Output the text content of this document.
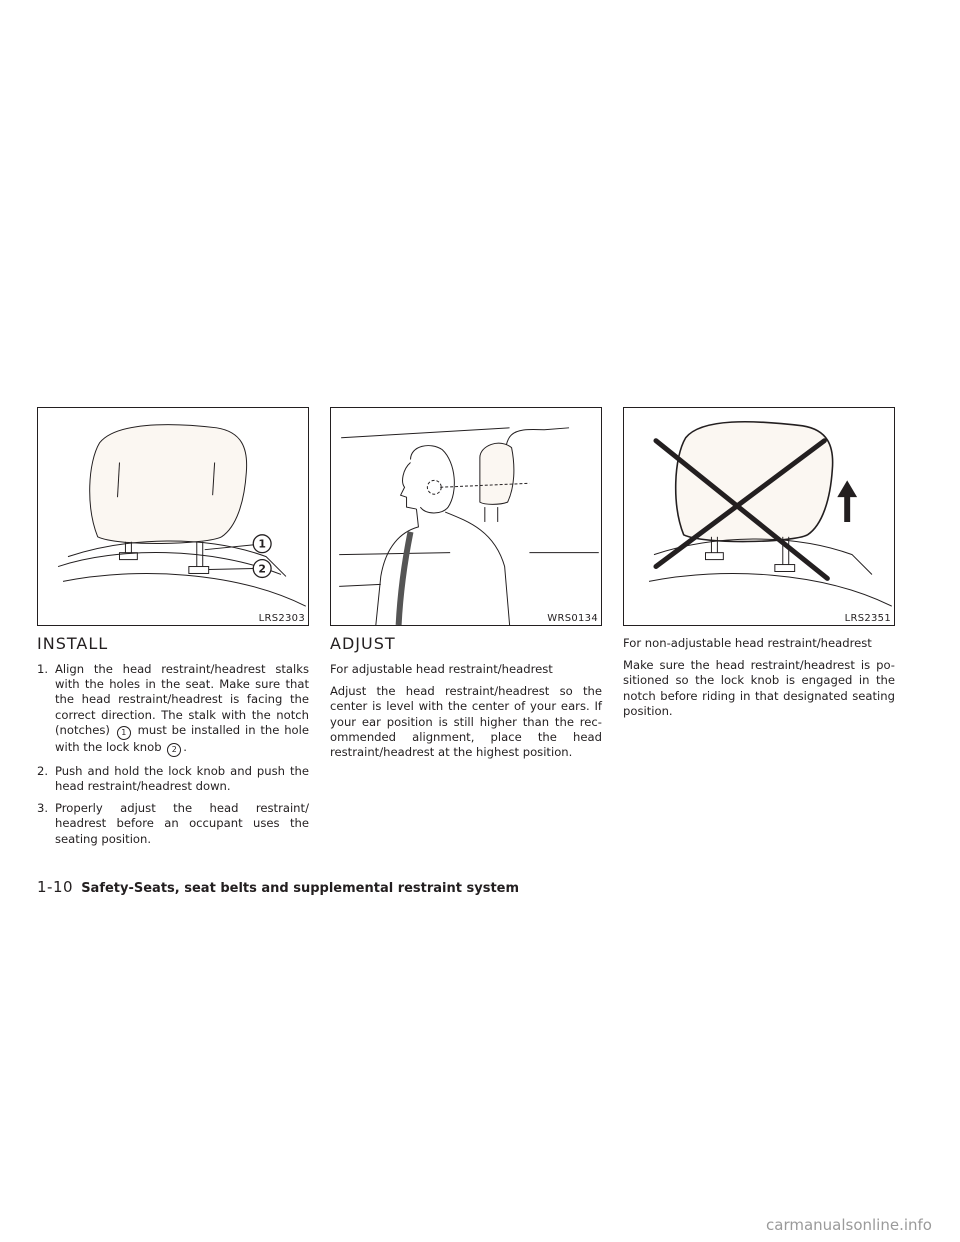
1
2
LRS2303	WRS0134	LRS2351
INSTALL
1. Align the head restraint/headrest stalks with the holes in the seat. Make sure that the head restraint/headrest is facing the correct direction. The stalk with the notch (notches) 1 must be installed in the hole with the lock knob 2 .
2. Push and hold the lock knob and push the head restraint/headrest down.
3. Properly adjust the head restraint/ headrest before an occupant uses the seating position.
ADJUST

For adjustable head restraint/headrest

Adjust the head restraint/headrest so the center is level with the center of your ears. If your ear position is still higher than the rec- ommended alignment, place the head restraint/headrest at the highest position.

For non-adjustable head restraint/headrest

Make sure the head restraint/headrest is po- sitioned so the lock knob is engaged in the notch before riding in that designated seating position.

1-10 Safety-Seats, seat belts and supplemental restraint system
carmanualsonline.info
